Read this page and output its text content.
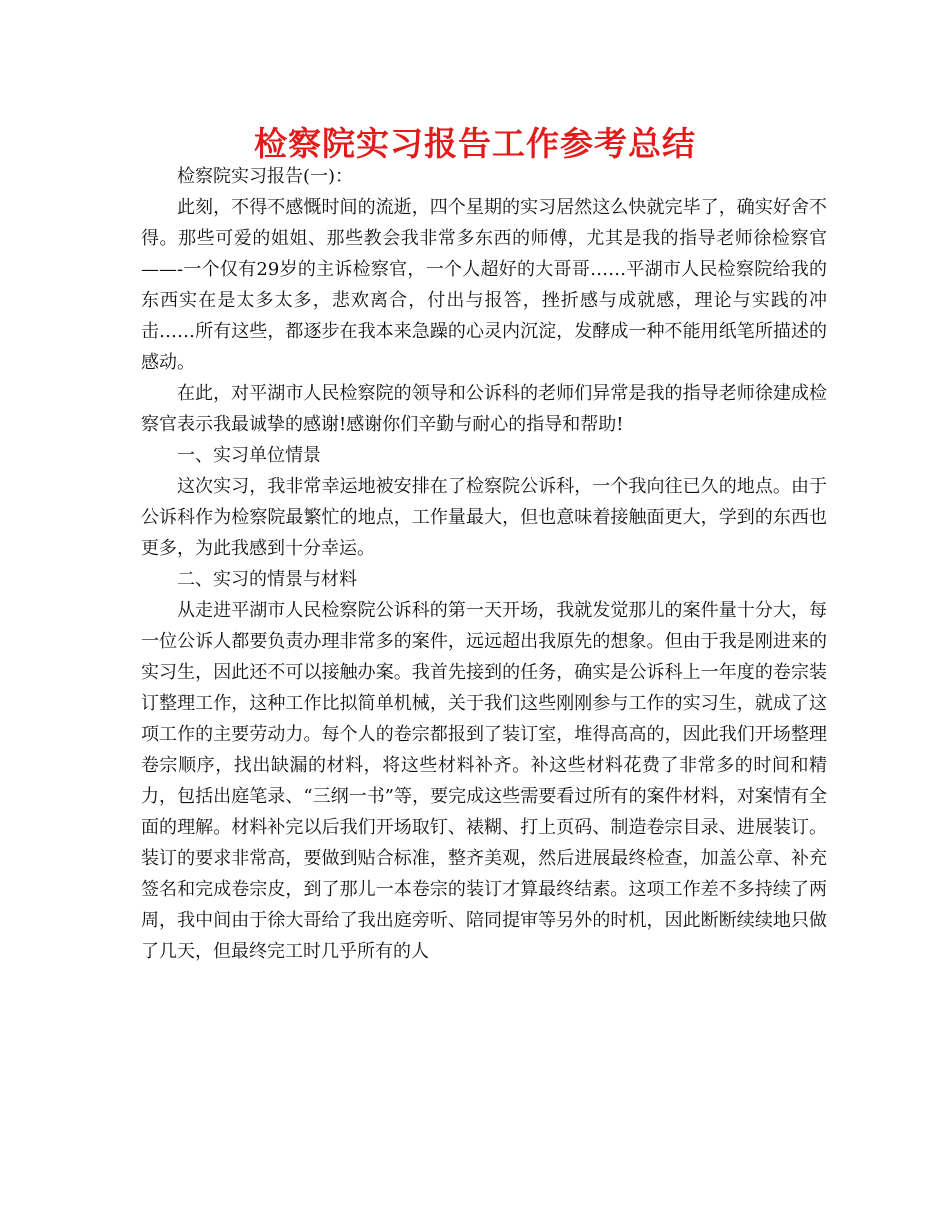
检察院实习报告工作参考总结

检察院实习报告(一)：

此刻，不得不感慨时间的流逝，四个星期的实习居然这么快就完毕了，确实好舍不得。那些可爱的姐姐、那些教会我非常多东西的师傅，尤其是我的指导老师徐检察官——-一个仅有29岁的主诉检察官，一个人超好的大哥哥……平湖市人民检察院给我的东西实在是太多太多，悲欢离合，付出与报答，挫折感与成就感，理论与实践的冲击……所有这些，都逐步在我本来急躁的心灵内沉淀，发酵成一种不能用纸笔所描述的感动。

在此，对平湖市人民检察院的领导和公诉科的老师们异常是我的指导老师徐建成检察官表示我最诚挚的感谢!感谢你们辛勤与耐心的指导和帮助!

一、实习单位情景

这次实习，我非常幸运地被安排在了检察院公诉科，一个我向往已久的地点。由于公诉科作为检察院最繁忙的地点，工作量最大，但也意味着接触面更大，学到的东西也更多，为此我感到十分幸运。

二、实习的情景与材料

从走进平湖市人民检察院公诉科的第一天开场，我就发觉那儿的案件量十分大，每一位公诉人都要负责办理非常多的案件，远远超出我原先的想象。但由于我是刚进来的实习生，因此还不可以接触办案。我首先接到的任务，确实是公诉科上一年度的卷宗装订整理工作，这种工作比拟简单机械，关于我们这些刚刚参与工作的实习生，就成了这项工作的主要劳动力。每个人的卷宗都报到了装订室，堆得高高的，因此我们开场整理卷宗顺序，找出缺漏的材料，将这些材料补齐。补这些材料花费了非常多的时间和精力，包括出庭笔录、“三纲一书”等，要完成这些需要看过所有的案件材料，对案情有全面的理解。材料补完以后我们开场取钉、裱糊、打上页码、制造卷宗目录、进展装订。装订的要求非常高，要做到贴合标准，整齐美观，然后进展最终检查，加盖公章、补充签名和完成卷宗皮，到了那儿一本卷宗的装订才算最终结素。这项工作差不多持续了两周，我中间由于徐大哥给了我出庭旁听、陪同提审等另外的时机，因此断断续续地只做了几天，但最终完工时几乎所有的人
